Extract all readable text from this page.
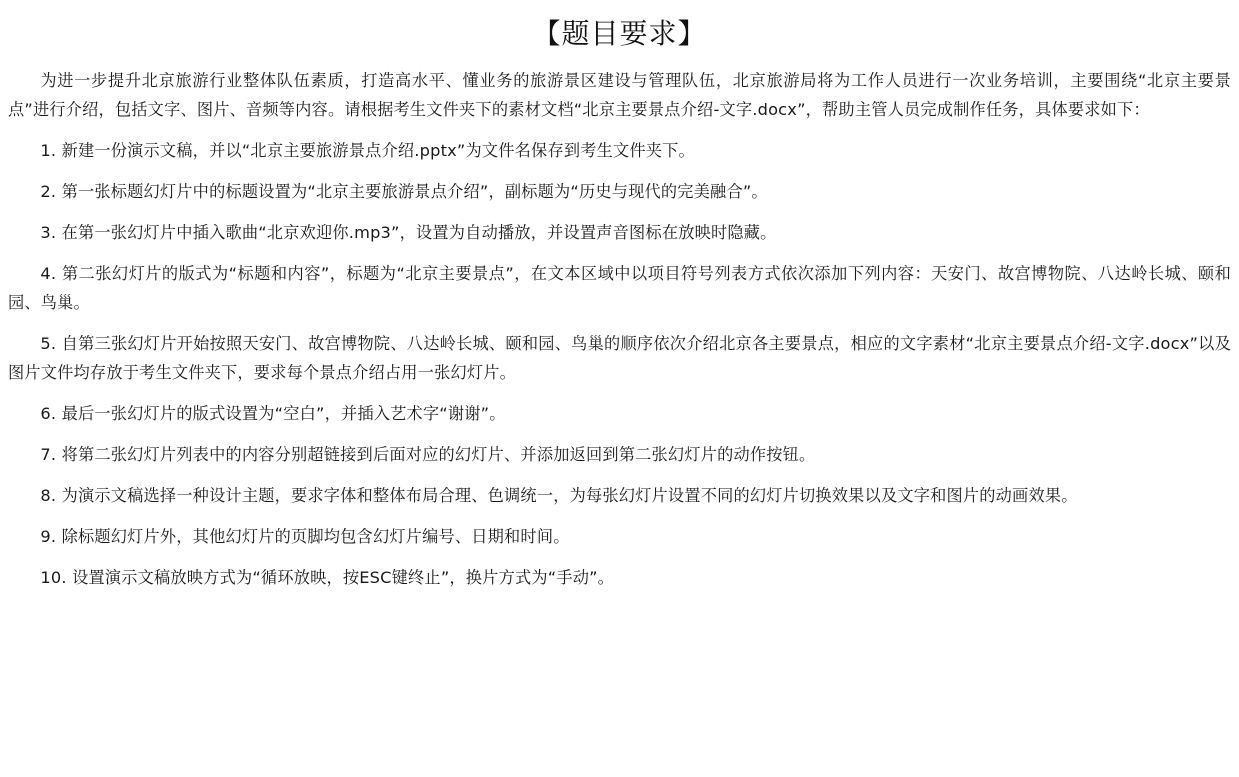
【题目要求】

为进一步提升北京旅游行业整体队伍素质，打造高水平、懂业务的旅游景区建设与管理队伍，北京旅游局将为工作人员进行一次业务培训，主要围绕“北京主要景点”进行介绍，包括文字、图片、音频等内容。请根据考生文件夹下的素材文档“北京主要景点介绍-文字.docx”，帮助主管人员完成制作任务，具体要求如下：

1. 新建一份演示文稿，并以“北京主要旅游景点介绍.pptx”为文件名保存到考生文件夹下。

2. 第一张标题幻灯片中的标题设置为“北京主要旅游景点介绍”，副标题为“历史与现代的完美融合”。

3. 在第一张幻灯片中插入歌曲“北京欢迎你.mp3”，设置为自动播放，并设置声音图标在放映时隐藏。

4. 第二张幻灯片的版式为“标题和内容”，标题为“北京主要景点”，在文本区域中以项目符号列表方式依次添加下列内容：天安门、故宫博物院、八达岭长城、颐和园、鸟巢。

5. 自第三张幻灯片开始按照天安门、故宫博物院、八达岭长城、颐和园、鸟巢的顺序依次介绍北京各主要景点，相应的文字素材“北京主要景点介绍-文字.docx”以及图片文件均存放于考生文件夹下，要求每个景点介绍占用一张幻灯片。

6. 最后一张幻灯片的版式设置为“空白”，并插入艺术字“谢谢”。

7. 将第二张幻灯片列表中的内容分别超链接到后面对应的幻灯片、并添加返回到第二张幻灯片的动作按钮。

8. 为演示文稿选择一种设计主题，要求字体和整体布局合理、色调统一，为每张幻灯片设置不同的幻灯片切换效果以及文字和图片的动画效果。

9. 除标题幻灯片外，其他幻灯片的页脚均包含幻灯片编号、日期和时间。

10. 设置演示文稿放映方式为“循环放映，按ESC键终止”，换片方式为“手动”。
